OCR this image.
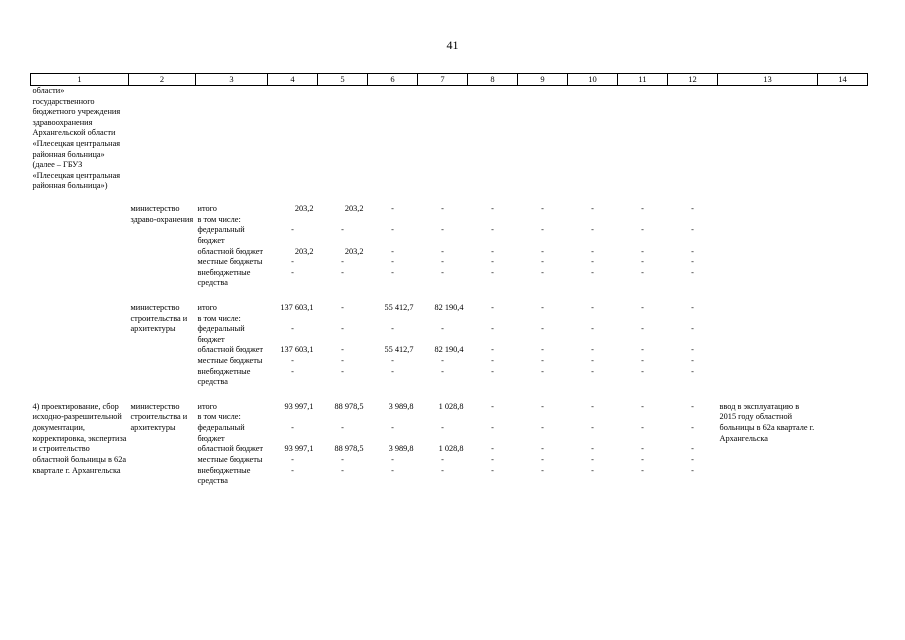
41
1	2	3	4	5	6	7	8	9	10	11	12	13	14
области» государственного бюджетного учреждения здравоохранения Архангельской области «Плесецкая центральная районная больница» (далее – ГБУЗ «Плесецкая центральная районная больница»)													
	министерство здраво-охранения	итого	203,2	203,2	-	-	-	-	-	-	-		
		в том числе:											
		федеральный бюджет	-	-	-	-	-	-	-	-	-		
		областной бюджет	203,2	203,2	-	-	-	-	-	-	-		
		местные бюджеты	-	-	-	-	-	-	-	-	-		
		внебюджетные средства	-	-	-	-	-	-	-	-	-		

	министерство строительства и архитектуры	итого	137 603,1	-	55 412,7	82 190,4	-	-	-	-	-		
		в том числе:											
		федеральный бюджет	-	-	-	-	-	-	-	-	-		
		областной бюджет	137 603,1	-	55 412,7	82 190,4	-	-	-	-	-		
		местные бюджеты	-	-	-	-	-	-	-	-	-		
		внебюджетные средства	-	-	-	-	-	-	-	-	-		

4) проектирование, сбор исходно-разрешительной документации, корректировка, экспертиза и строительство областной больницы в 62а квартале г. Архангельска	министерство строительства и архитектуры	итого	93 997,1	88 978,5	3 989,8	1 028,8	-	-	-	-	-	ввод в эксплуатацию в 2015 году областной больницы в 62а квартале г. Архангельска	
		в том числе:											
		федеральный бюджет	-	-	-	-	-	-	-	-	-		
		областной бюджет	93 997,1	88 978,5	3 989,8	1 028,8	-	-	-	-	-		
		местные бюджеты	-	-	-	-	-	-	-	-	-		
		внебюджетные средства	-	-	-	-	-	-	-	-	-		
